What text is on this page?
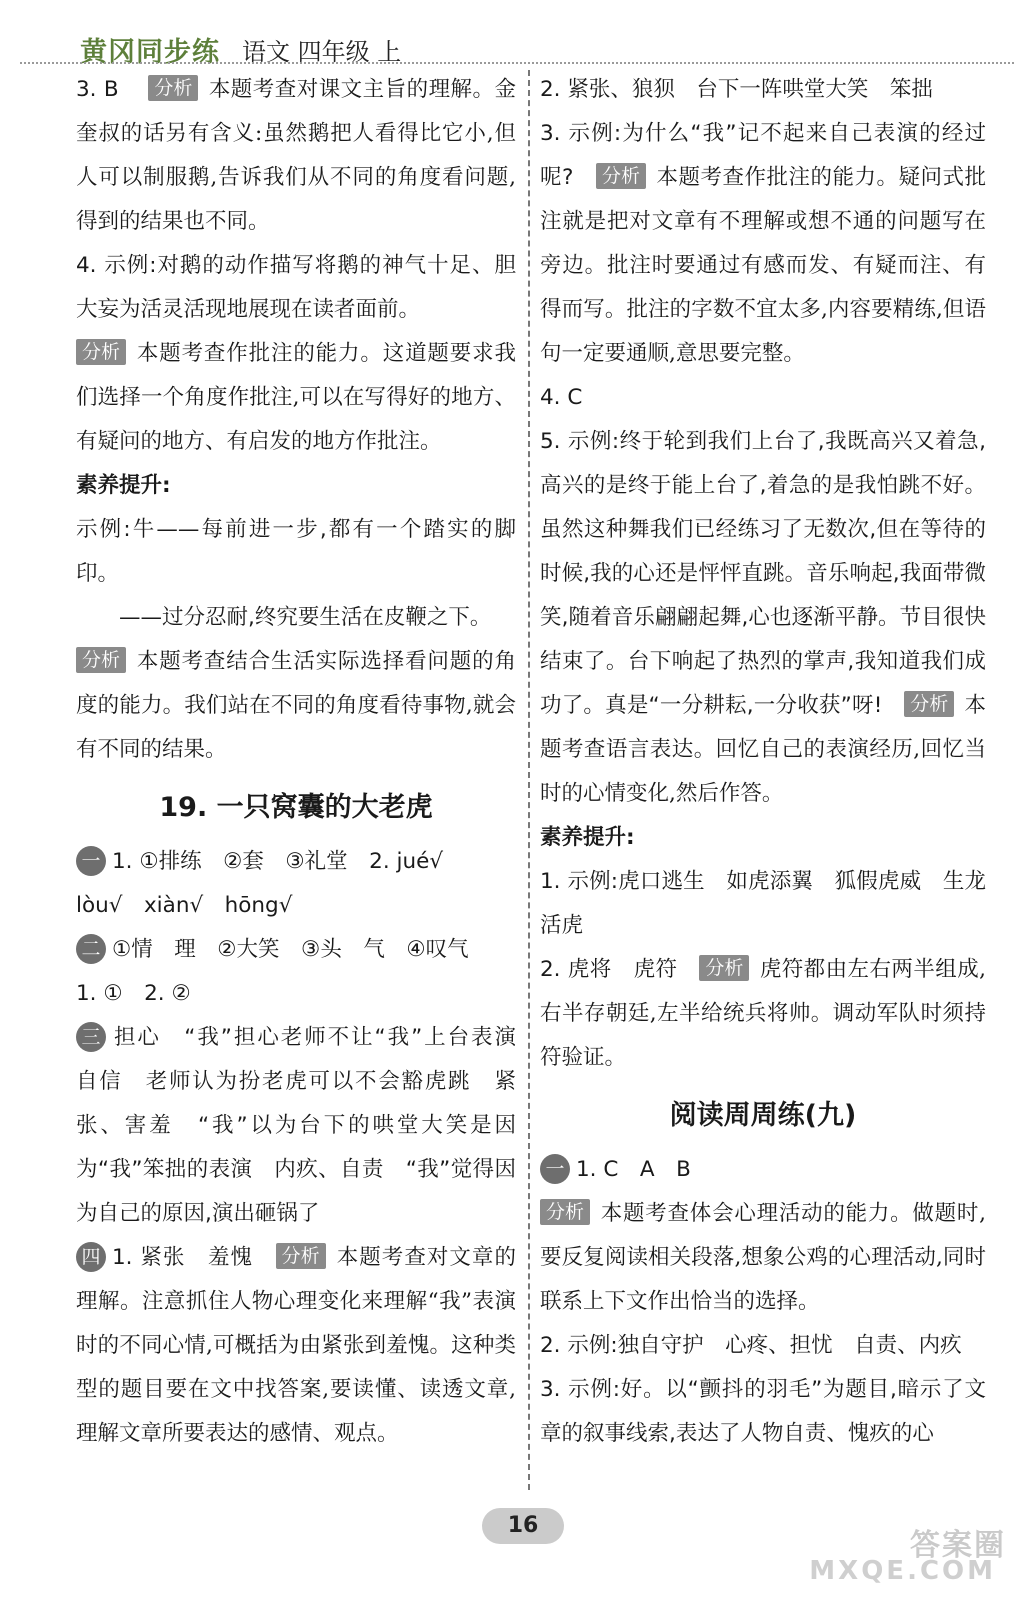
黄冈同步练 语文 四年级 上

3. B　 分析 本题考查对课文主旨的理解。金奎叔的话另有含义:虽然鹅把人看得比它小,但人可以制服鹅,告诉我们从不同的角度看问题,得到的结果也不同。

4. 示例:对鹅的动作描写将鹅的神气十足、胆大妄为活灵活现地展现在读者面前。

分析 本题考查作批注的能力。这道题要求我们选择一个角度作批注,可以在写得好的地方、有疑问的地方、有启发的地方作批注。

素养提升:

示例:牛——每前进一步,都有一个踏实的脚印。

——过分忍耐,终究要生活在皮鞭之下。

分析 本题考查结合生活实际选择看问题的角度的能力。我们站在不同的角度看待事物,就会有不同的结果。

19. 一只窝囊的大老虎

一 1. ①排练　②套　③礼堂　2. jué√

lòu√　xiàn√　hōng√

二 ①情　理　②大笑　③头　气　④叹气

1. ①　2. ②

三 担心　“我”担心老师不让“我”上台表演　自信　老师认为扮老虎可以不会豁虎跳　紧张、害羞　“我”以为台下的哄堂大笑是因为“我”笨拙的表演　内疚、自责　“我”觉得因为自己的原因,演出砸锅了

四 1. 紧张　羞愧　 分析 本题考查对文章的理解。注意抓住人物心理变化来理解“我”表演时的不同心情,可概括为由紧张到羞愧。这种类型的题目要在文中找答案,要读懂、读透文章,理解文章所要表达的感情、观点。

2. 紧张、狼狈　台下一阵哄堂大笑　笨拙

3. 示例:为什么“我”记不起来自己表演的经过呢?　 分析 本题考查作批注的能力。疑问式批注就是把对文章有不理解或想不通的问题写在旁边。批注时要通过有感而发、有疑而注、有得而写。批注的字数不宜太多,内容要精练,但语句一定要通顺,意思要完整。

4. C

5. 示例:终于轮到我们上台了,我既高兴又着急,高兴的是终于能上台了,着急的是我怕跳不好。虽然这种舞我们已经练习了无数次,但在等待的时候,我的心还是怦怦直跳。音乐响起,我面带微笑,随着音乐翩翩起舞,心也逐渐平静。节目很快结束了。台下响起了热烈的掌声,我知道我们成功了。真是“一分耕耘,一分收获”呀!　 分析 本题考查语言表达。回忆自己的表演经历,回忆当时的心情变化,然后作答。

素养提升:

1. 示例:虎口逃生　如虎添翼　狐假虎威　生龙活虎

2. 虎将　虎符　 分析 虎符都由左右两半组成,右半存朝廷,左半给统兵将帅。调动军队时须持符验证。

阅读周周练(九)

一 1. C　A　B

分析 本题考查体会心理活动的能力。做题时,要反复阅读相关段落,想象公鸡的心理活动,同时联系上下文作出恰当的选择。

2. 示例:独自守护　心疼、担忧　自责、内疚

3. 示例:好。以“颤抖的羽毛”为题目,暗示了文章的叙事线索,表达了人物自责、愧疚的心

16
答案圈
MXQE.COM
